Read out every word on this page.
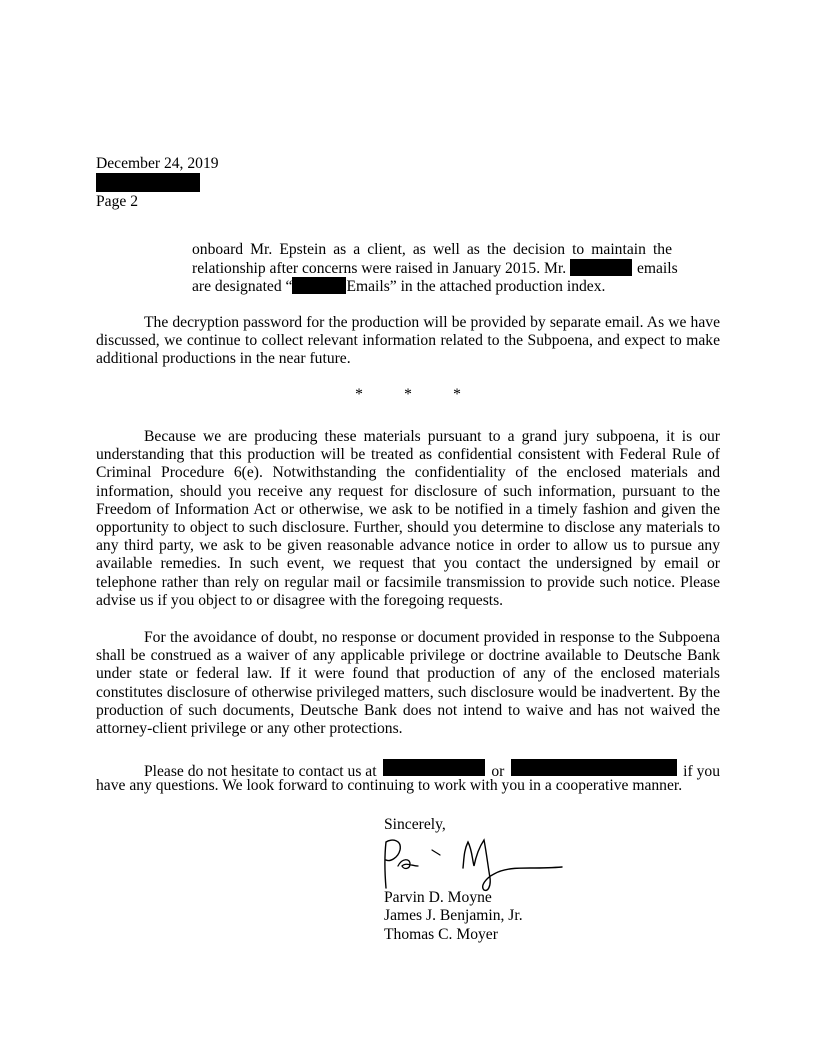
December 24, 2019

Page 2

onboard Mr. Epstein as a client, as well as the decision to maintain the

relationship after concerns were raised in January 2015. Mr.	emails

are designated “	Emails” in the attached production index.

The decryption password for the production will be provided by separate email. As we have discussed, we continue to collect relevant information related to the Subpoena, and expect to make additional productions in the near future.

*	*	*

Because we are producing these materials pursuant to a grand jury subpoena, it is our understanding that this production will be treated as confidential consistent with Federal Rule of Criminal Procedure 6(e). Notwithstanding the confidentiality of the enclosed materials and information, should you receive any request for disclosure of such information, pursuant to the Freedom of Information Act or otherwise, we ask to be notified in a timely fashion and given the opportunity to object to such disclosure. Further, should you determine to disclose any materials to any third party, we ask to be given reasonable advance notice in order to allow us to pursue any available remedies. In such event, we request that you contact the undersigned by email or telephone rather than rely on regular mail or facsimile transmission to provide such notice. Please advise us if you object to or disagree with the foregoing requests.

For the avoidance of doubt, no response or document provided in response to the Subpoena shall be construed as a waiver of any applicable privilege or doctrine available to Deutsche Bank under state or federal law. If it were found that production of any of the enclosed materials constitutes disclosure of otherwise privileged matters, such disclosure would be inadvertent. By the production of such documents, Deutsche Bank does not intend to waive and has not waived the attorney-client privilege or any other protections.

Please do not hesitate to contact us at	or	if you

have any questions. We look forward to continuing to work with you in a cooperative manner.

Sincerely,

Parvin D. Moyne

James J. Benjamin, Jr.

Thomas C. Moyer
